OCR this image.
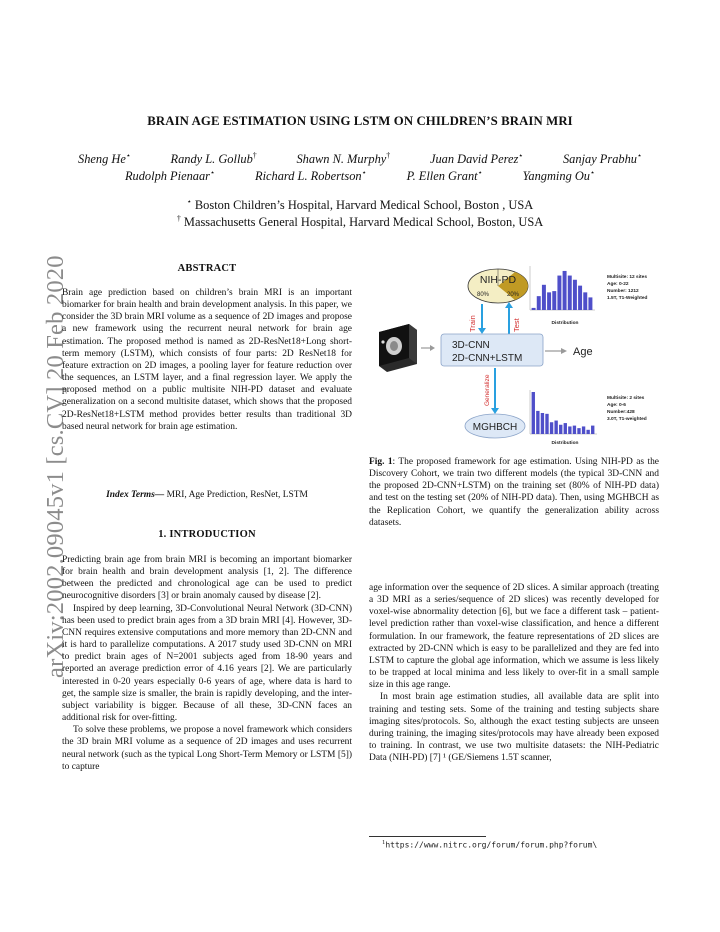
arXiv:2002.09045v1 [cs.CV] 20 Feb 2020
BRAIN AGE ESTIMATION USING LSTM ON CHILDREN’S BRAIN MRI
Sheng He⋆	Randy L. Gollub†	Shawn N. Murphy†	Juan David Perez⋆	Sanjay Prabhu⋆
Rudolph Pienaar⋆	Richard L. Robertson⋆	P. Ellen Grant⋆	Yangming Ou⋆
⋆ Boston Children’s Hospital, Harvard Medical School, Boston , USA
† Massachusetts General Hospital, Harvard Medical School, Boston, USA
ABSTRACT

Brain age prediction based on children’s brain MRI is an important biomarker for brain health and brain development analysis. In this paper, we consider the 3D brain MRI volume as a sequence of 2D images and propose a new framework using the recurrent neural network for brain age estimation. The proposed method is named as 2D-ResNet18+Long short-term memory (LSTM), which consists of four parts: 2D ResNet18 for feature extraction on 2D images, a pooling layer for feature reduction over the sequences, an LSTM layer, and a final regression layer. We apply the proposed method on a public multisite NIH-PD dataset and evaluate generalization on a second multisite dataset, which shows that the proposed 2D-ResNet18+LSTM method provides better results than traditional 3D based neural network for brain age estimation.

Index Terms— MRI, Age Prediction, ResNet, LSTM
1. INTRODUCTION

Predicting brain age from brain MRI is becoming an important biomarker for brain health and brain development analysis [1, 2]. The difference between the predicted and chronological age can be used to predict neurocognitive disorders [3] or brain anomaly caused by disease [2].

Inspired by deep learning, 3D-Convolutional Neural Network (3D-CNN) has been used to predict brain ages from a 3D brain MRI [4]. However, 3D-CNN requires extensive computations and more memory than 2D-CNN and it is hard to parallelize computations. A 2017 study used 3D-CNN on MRI to predict brain ages of N=2001 subjects aged from 18-90 years and reported an average prediction error of 4.16 years [2]. We are particularly interested in 0-20 years especially 0-6 years of age, where data is hard to get, the sample size is smaller, the brain is rapidly developing, and the inter-subject variability is bigger. Because of all these, 3D-CNN faces an additional risk for over-fitting.

To solve these problems, we propose a novel framework which considers the 3D brain MRI volume as a sequence of 2D images and uses recurrent neural network (such as the typical Long Short-Term Memory or LSTM [5]) to capture

NIH-PD
80%	20%
Train	Test
3D-CNN
2D-CNN+LSTM
Age
Generalize
MGHBCH
Distribution
Multisite: 12 sites
Age: 0-22
Number: 1212
1.5T, T1-Weighted
Distribution
Multisite: 2 sites
Age: 0-6
Number:428
3.0T, T1-weighted
Fig. 1: The proposed framework for age estimation. Using NIH-PD as the Discovery Cohort, we train two different models (the typical 3D-CNN and the proposed 2D-CNN+LSTM) on the training set (80% of NIH-PD data) and test on the testing set (20% of NIH-PD data). Then, using MGHBCH as the Replication Cohort, we quantify the generalization ability across datasets.

age information over the sequence of 2D slices. A similar approach (treating a 3D MRI as a series/sequence of 2D slices) was recently developed for voxel-wise abnormality detection [6], but we face a different task – patient-level prediction rather than voxel-wise classification, and hence a different formulation. In our framework, the feature representations of 2D slices are extracted by 2D-CNN which is easy to be parallelized and they are fed into LSTM to capture the global age information, which we assume is less likely to be trapped at local minima and less likely to over-fit in a small sample size in this age range.

In most brain age estimation studies, all available data are split into training and testing sets. Some of the training and testing subjects share imaging sites/protocols. So, although the exact testing subjects are unseen during training, the imaging sites/protocols may have already been exposed to training. In contrast, we use two multisite datasets: the NIH-Pediatric Data (NIH-PD) [7] ¹ (GE/Siemens 1.5T scanner,

$^1$https://www.nitrc.org/forum/forum.php?forum\
